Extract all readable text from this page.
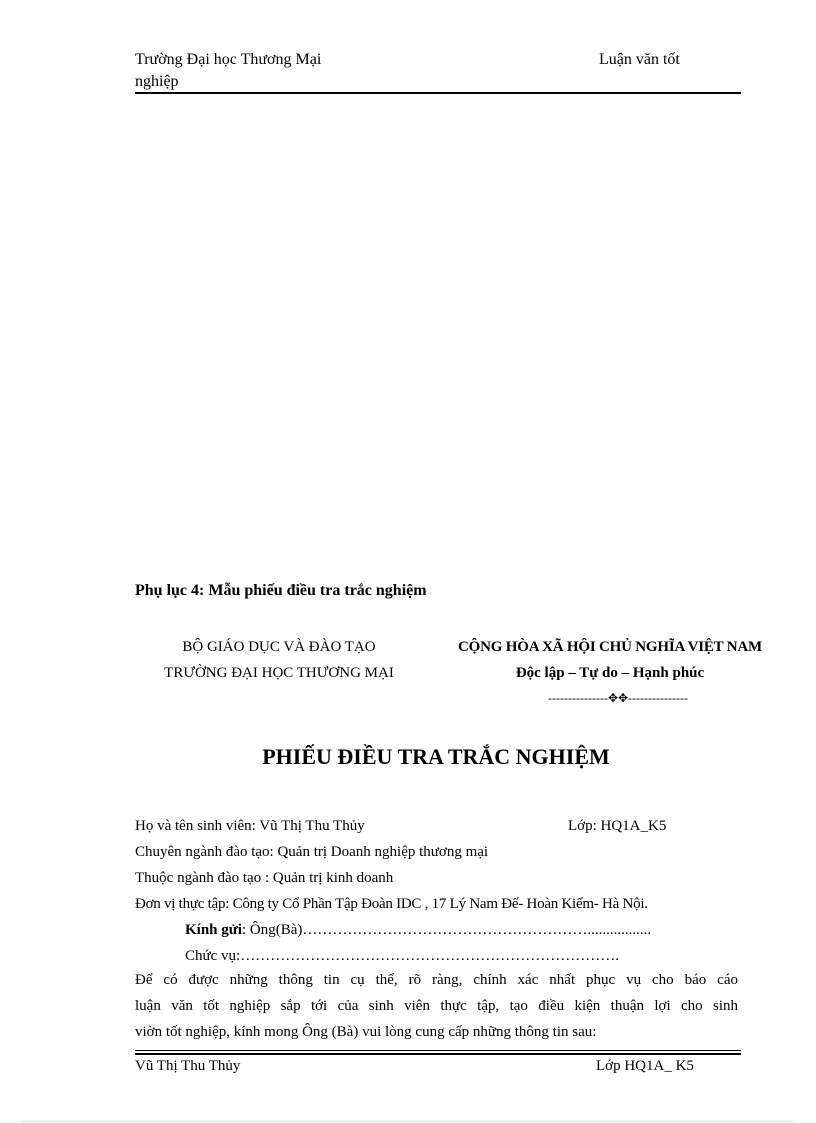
Trường Đại học Thương Mại
nghiệp
Luận văn tốt
Phụ lục 4: Mẫu phiếu điều tra trắc nghiệm
BỘ GIÁO DỤC VÀ ĐÀO TẠO
TRƯỜNG ĐẠI HỌC THƯƠNG MẠI
CỘNG HÒA XÃ HỘI CHỦ NGHĨA VIỆT NAM
Độc lập – Tự do – Hạnh phúc
---------------✥✥---------------
PHIẾU ĐIỀU TRA TRẮC NGHIỆM
Họ và tên sinh viên: Vũ Thị Thu Thủy	Lớp: HQ1A_K5
Chuyên ngành đào tạo: Quản trị Doanh nghiệp thương mại
Thuộc ngành đào tạo : Quản trị kinh doanh
Đơn vị thực tập: Công ty Cổ Phần Tập Đoàn IDC , 17 Lý Nam Đế- Hoàn Kiếm- Hà Nội.
Kính gửi: Ông(Bà)………………………………………………….................
Chức vụ:………………………………………………………………….
Để có được những thông tin cụ thể, rõ ràng, chính xác nhất phục vụ cho báo cáo
luận văn tốt nghiệp sắp tới của sinh viên thực tập, tạo điều kiện thuận lợi cho sinh
viờn tốt nghiệp, kính mong Ông (Bà) vui lòng cung cấp những thông tin sau:
Vũ Thị Thu Thủy	Lớp HQ1A_ K5
